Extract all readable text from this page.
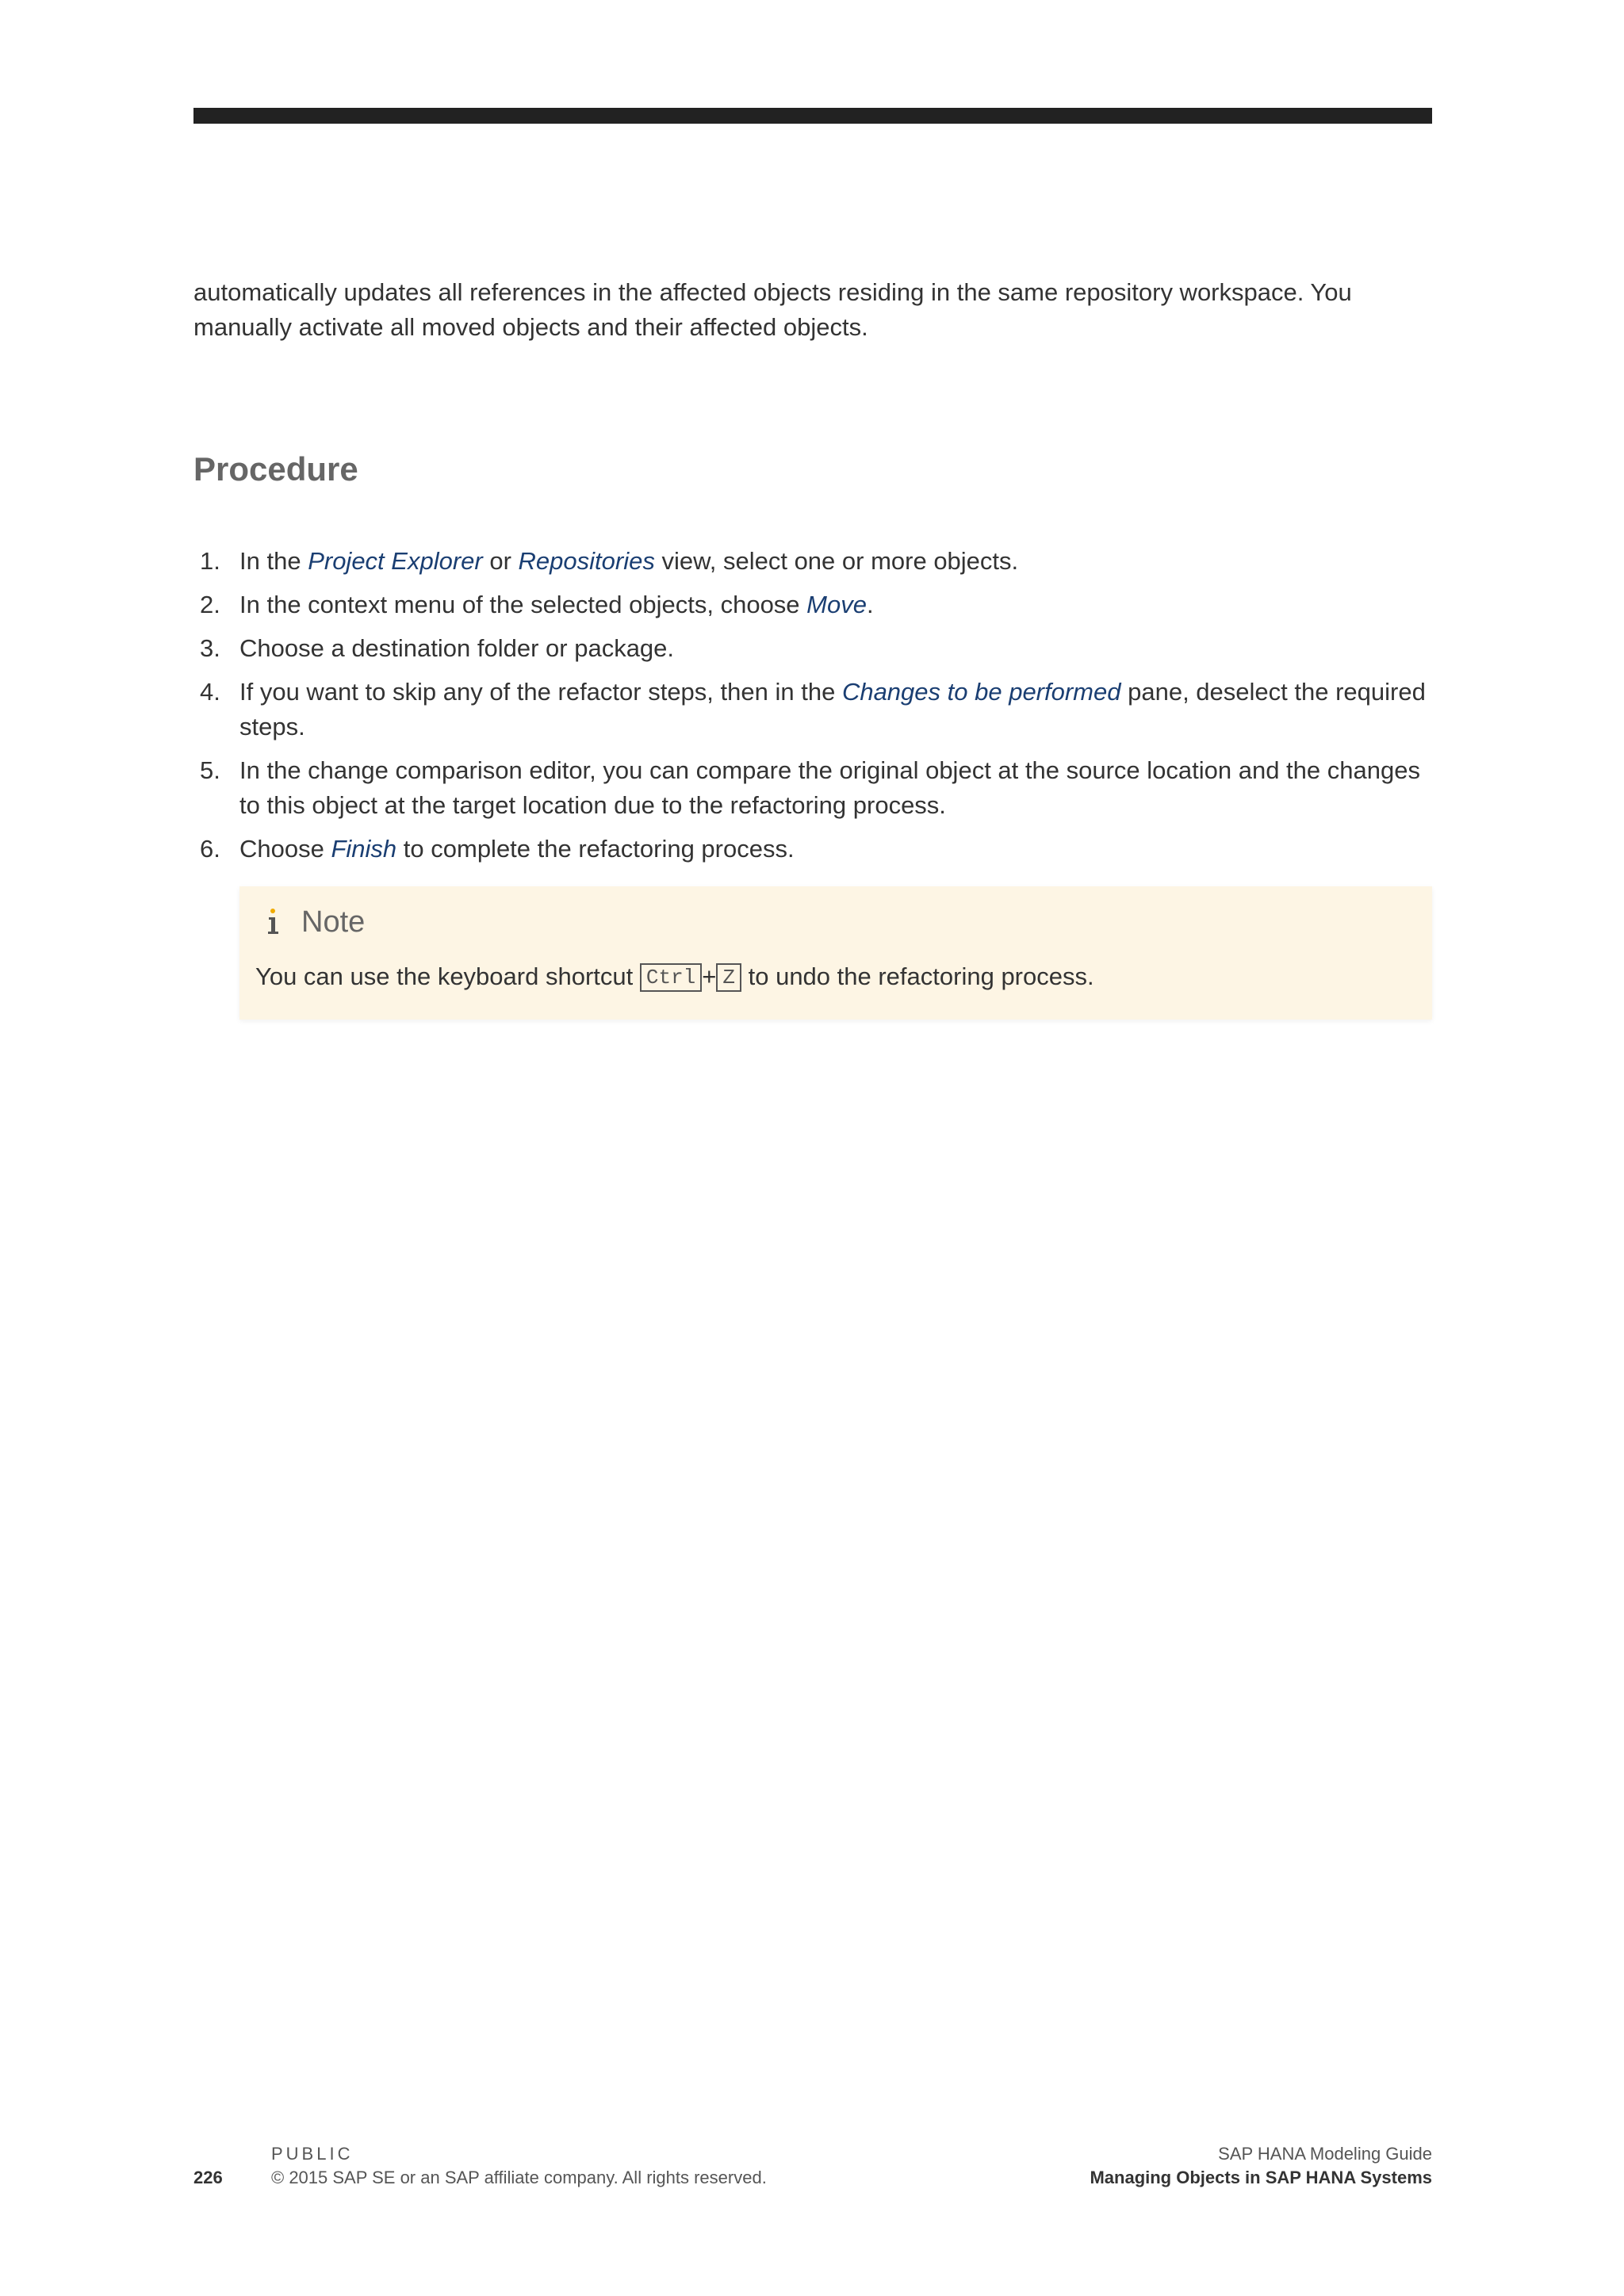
automatically updates all references in the affected objects residing in the same repository workspace. You manually activate all moved objects and their affected objects.

Procedure
1. In the Project Explorer or Repositories view, select one or more objects.
2. In the context menu of the selected objects, choose Move.
3. Choose a destination folder or package.
4. If you want to skip any of the refactor steps, then in the Changes to be performed pane, deselect the required steps.
5. In the change comparison editor, you can compare the original object at the source location and the changes to this object at the target location due to the refactoring process.
6. Choose Finish to complete the refactoring process.
Note
You can use the keyboard shortcut Ctrl + Z to undo the refactoring process.
PUBLIC
226	© 2015 SAP SE or an SAP affiliate company. All rights reserved.
SAP HANA Modeling Guide
Managing Objects in SAP HANA Systems
